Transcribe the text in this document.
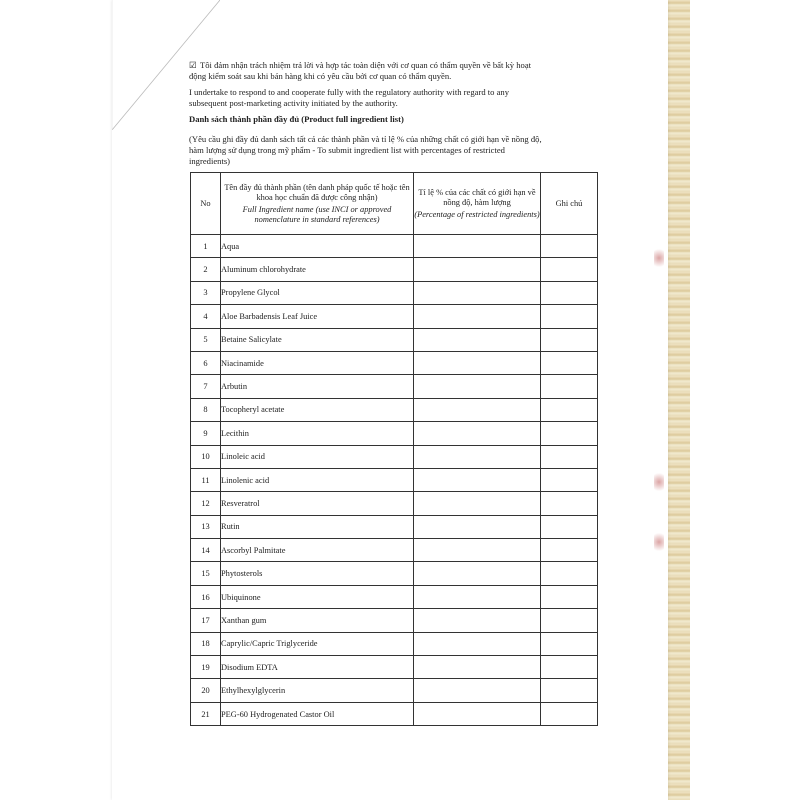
☑ Tôi đảm nhận trách nhiệm trả lời và hợp tác toàn diện với cơ quan có thẩm quyền về bất kỳ hoạt
động kiểm soát sau khi bán hàng khi có yêu cầu bởi cơ quan có thẩm quyền.
I undertake to respond to and cooperate fully with the regulatory authority with regard to any
subsequent post-marketing activity initiated by the authority.
Danh sách thành phần đầy đủ (Product full ingredient list)
(Yêu cầu ghi đầy đủ danh sách tất cả các thành phần và tỉ lệ % của những chất có giới hạn về nồng độ,
hàm lượng sử dụng trong mỹ phẩm - To submit ingredient list with percentages of restricted
ingredients)
No	Tên đầy đủ thành phần (tên danh pháp quốc tế hoặc tên khoa học chuẩn đã được công nhận)
Full Ingredient name (use INCI or approved nomenclature in standard references)	Tỉ lệ % của các chất có giới hạn về nồng độ, hàm lượng
(Percentage of restricted ingredients)	Ghi chú
1	Aqua		
2	Aluminum chlorohydrate		
3	Propylene Glycol		
4	Aloe Barbadensis Leaf Juice		
5	Betaine Salicylate		
6	Niacinamide		
7	Arbutin		
8	Tocopheryl acetate		
9	Lecithin		
10	Linoleic acid		
11	Linolenic acid		
12	Resveratrol		
13	Rutin		
14	Ascorbyl Palmitate		
15	Phytosterols		
16	Ubiquinone		
17	Xanthan gum		
18	Caprylic/Capric Triglyceride		
19	Disodium EDTA		
20	Ethylhexylglycerin		
21	PEG-60 Hydrogenated Castor Oil		
